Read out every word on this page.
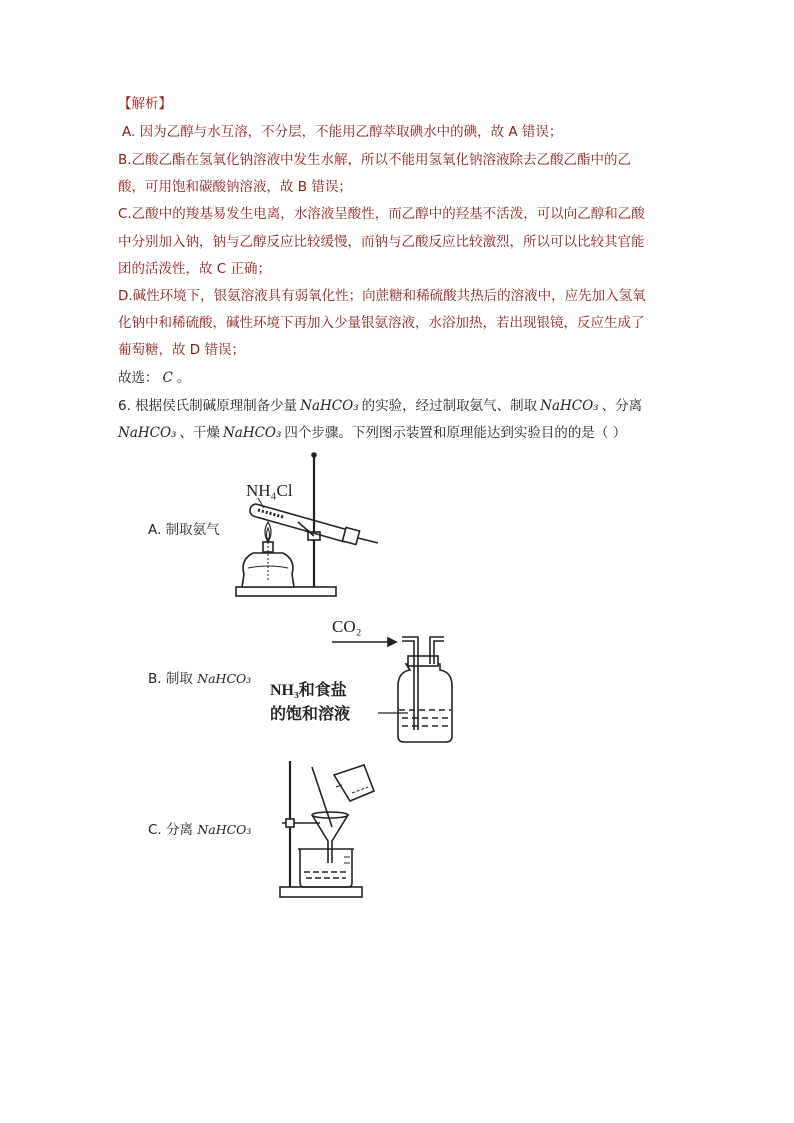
【解析】
A. 因为乙醇与水互溶，不分层，不能用乙醇萃取碘水中的碘，故 A 错误；
B.乙酸乙酯在氢氧化钠溶液中发生水解，所以不能用氢氧化钠溶液除去乙酸乙酯中的乙
酸，可用饱和碳酸钠溶液，故 B 错误；
C.乙酸中的羧基易发生电离，水溶液呈酸性，而乙醇中的羟基不活泼，可以向乙醇和乙酸
中分别加入钠，钠与乙醇反应比较缓慢，而钠与乙酸反应比较激烈，所以可以比较其官能
团的活泼性，故 C 正确；
D.碱性环境下，银氨溶液具有弱氧化性；向蔗糖和稀硫酸共热后的溶液中，应先加入氢氧
化钠中和稀硫酸，碱性环境下再加入少量银氨溶液，水浴加热，若出现银镜，反应生成了
葡萄糖，故 D 错误；
故选： C 。
6. 根据侯氏制碱原理制备少量 NaHCO₃ 的实验，经过制取氨气、制取 NaHCO₃ 、分离
NaHCO₃ 、干燥 NaHCO₃ 四个步骤。下列图示装置和原理能达到实验目的的是（ ）
A. 制取氨气
B. 制取 NaHCO₃
C. 分离 NaHCO₃
NH₄Cl
CO₂
NH₃和食盐
的饱和溶液
